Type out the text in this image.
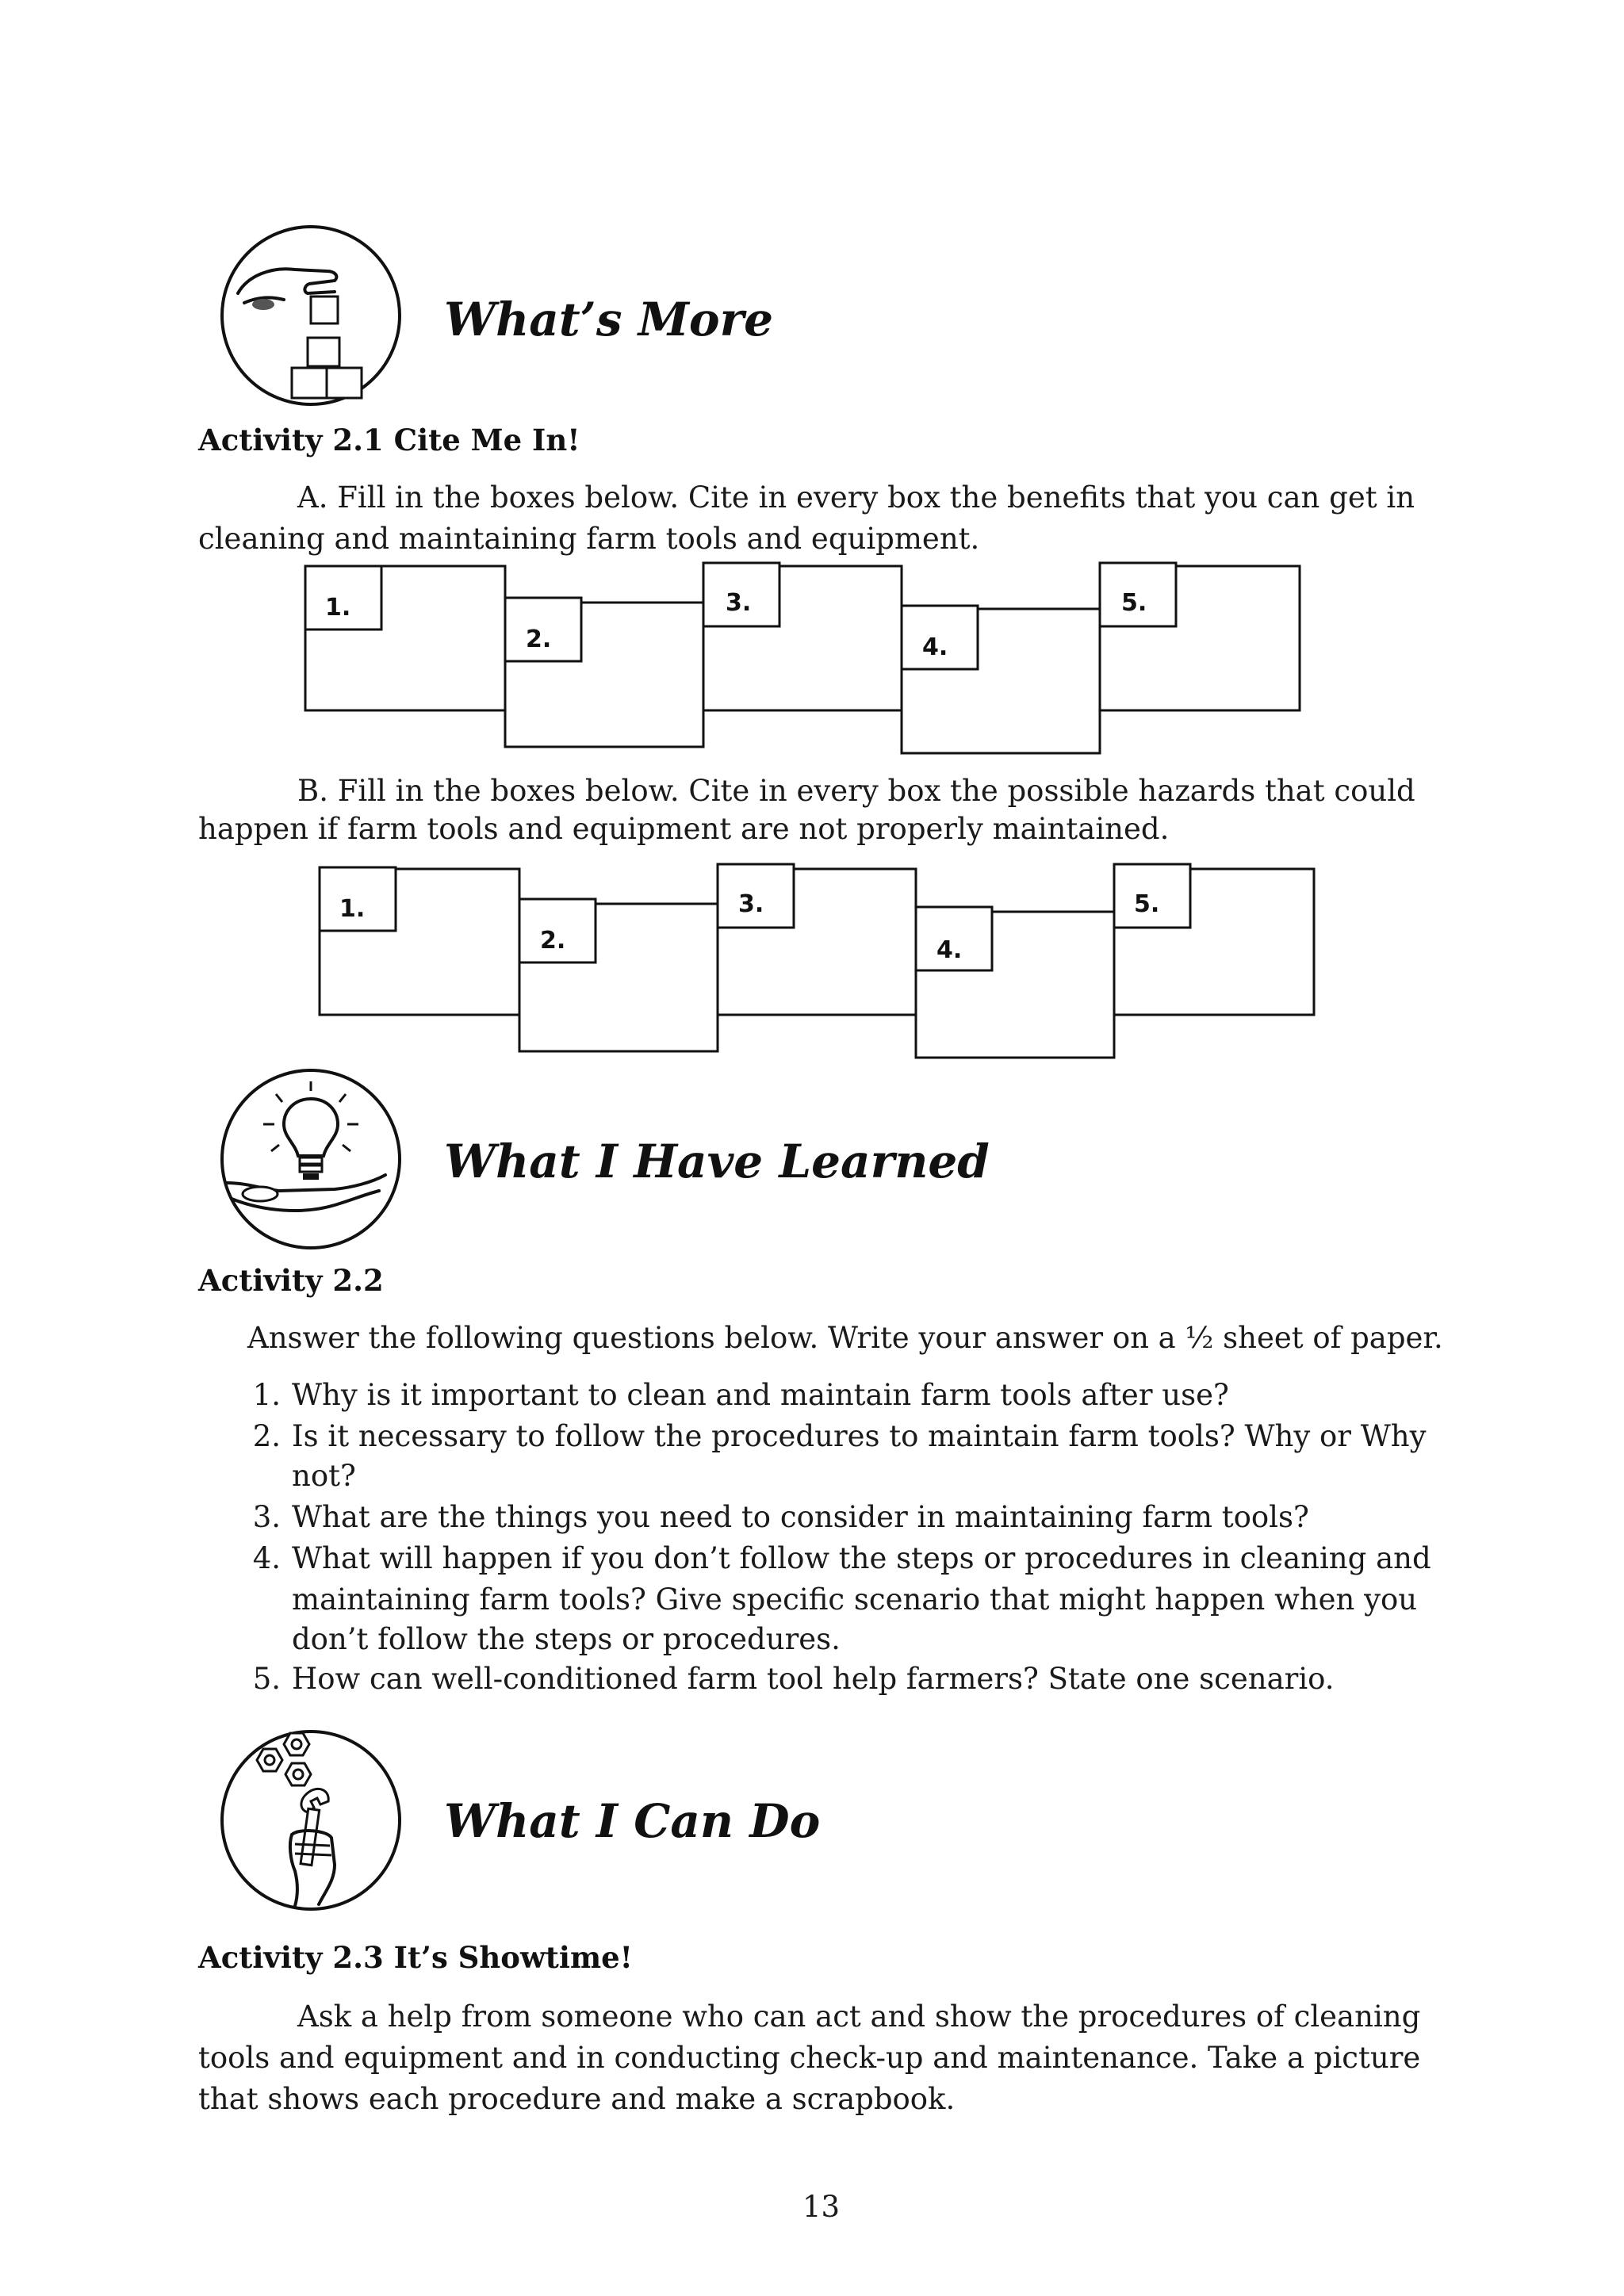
What’s More
Activity 2.1 Cite Me In!
A. Fill in the boxes below. Cite in every box the benefits that you can get in
cleaning and maintaining farm tools and equipment.
1.
2.
3.
4.
5.
B. Fill in the boxes below. Cite in every box the possible hazards that could
happen if farm tools and equipment are not properly maintained.
1.
2.
3.
4.
5.
What I Have Learned
Activity 2.2
Answer the following questions below. Write your answer on a ½ sheet of paper.
1. Why is it important to clean and maintain farm tools after use?
2. Is it necessary to follow the procedures to maintain farm tools? Why or Why
not?
3. What are the things you need to consider in maintaining farm tools?
4. What will happen if you don’t follow the steps or procedures in cleaning and
maintaining farm tools? Give specific scenario that might happen when you
don’t follow the steps or procedures.
5. How can well-conditioned farm tool help farmers? State one scenario.
What I Can Do
Activity 2.3 It’s Showtime!
Ask a help from someone who can act and show the procedures of cleaning
tools and equipment and in conducting check-up and maintenance. Take a picture
that shows each procedure and make a scrapbook.
13
